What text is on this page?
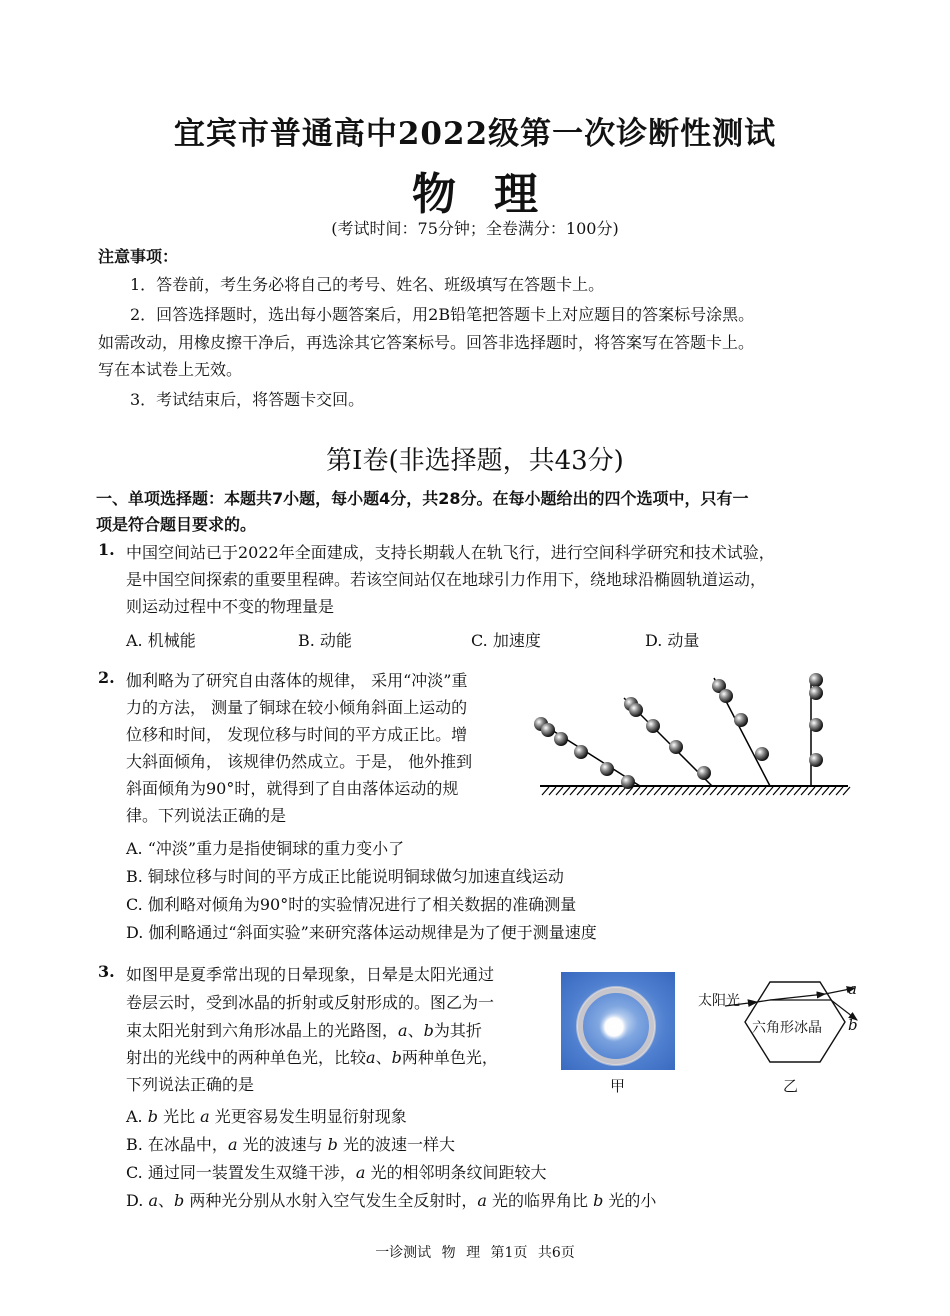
宜宾市普通高中2022级第一次诊断性测试
物理
(考试时间：75分钟；全卷满分：100分)
注意事项：
1．答卷前，考生务必将自己的考号、姓名、班级填写在答题卡上。
2．回答选择题时，选出每小题答案后，用2B铅笔把答题卡上对应题目的答案标号涂黑。
如需改动，用橡皮擦干净后，再选涂其它答案标号。回答非选择题时，将答案写在答题卡上。
写在本试卷上无效。
3．考试结束后，将答题卡交回。
第Ⅰ卷(非选择题，共43分)
一、单项选择题：本题共7小题，每小题4分，共28分。在每小题给出的四个选项中，只有一
项是符合题目要求的。
1. 中国空间站已于2022年全面建成，支持长期载人在轨飞行，进行空间科学研究和技术试验，
是中国空间探索的重要里程碑。若该空间站仅在地球引力作用下，绕地球沿椭圆轨道运动，
则运动过程中不变的物理量是
A. 机械能	B. 动能	C. 加速度	D. 动量
2. 伽利略为了研究自由落体的规律， 采用“冲淡”重
力的方法， 测量了铜球在较小倾角斜面上运动的
位移和时间， 发现位移与时间的平方成正比。增
大斜面倾角， 该规律仍然成立。于是， 他外推到
斜面倾角为90°时，就得到了自由落体运动的规
律。下列说法正确的是
A. “冲淡”重力是指使铜球的重力变小了
B. 铜球位移与时间的平方成正比能说明铜球做匀加速直线运动
C. 伽利略对倾角为90°时的实验情况进行了相关数据的准确测量
D. 伽利略通过“斜面实验”来研究落体运动规律是为了便于测量速度
3. 如图甲是夏季常出现的日晕现象，日晕是太阳光通过
卷层云时，受到冰晶的折射或反射形成的。图乙为一
束太阳光射到六角形冰晶上的光路图，a、b为其折
射出的光线中的两种单色光，比较a、b两种单色光，
下列说法正确的是	甲
太阳光
六角形冰晶
a
b
乙
A. b 光比 a 光更容易发生明显衍射现象
B. 在冰晶中，a 光的波速与 b 光的波速一样大
C. 通过同一装置发生双缝干涉，a 光的相邻明条纹间距较大
D. a、b 两种光分别从水射入空气发生全反射时，a 光的临界角比 b 光的小
一诊测试 物 理 第1页 共6页
